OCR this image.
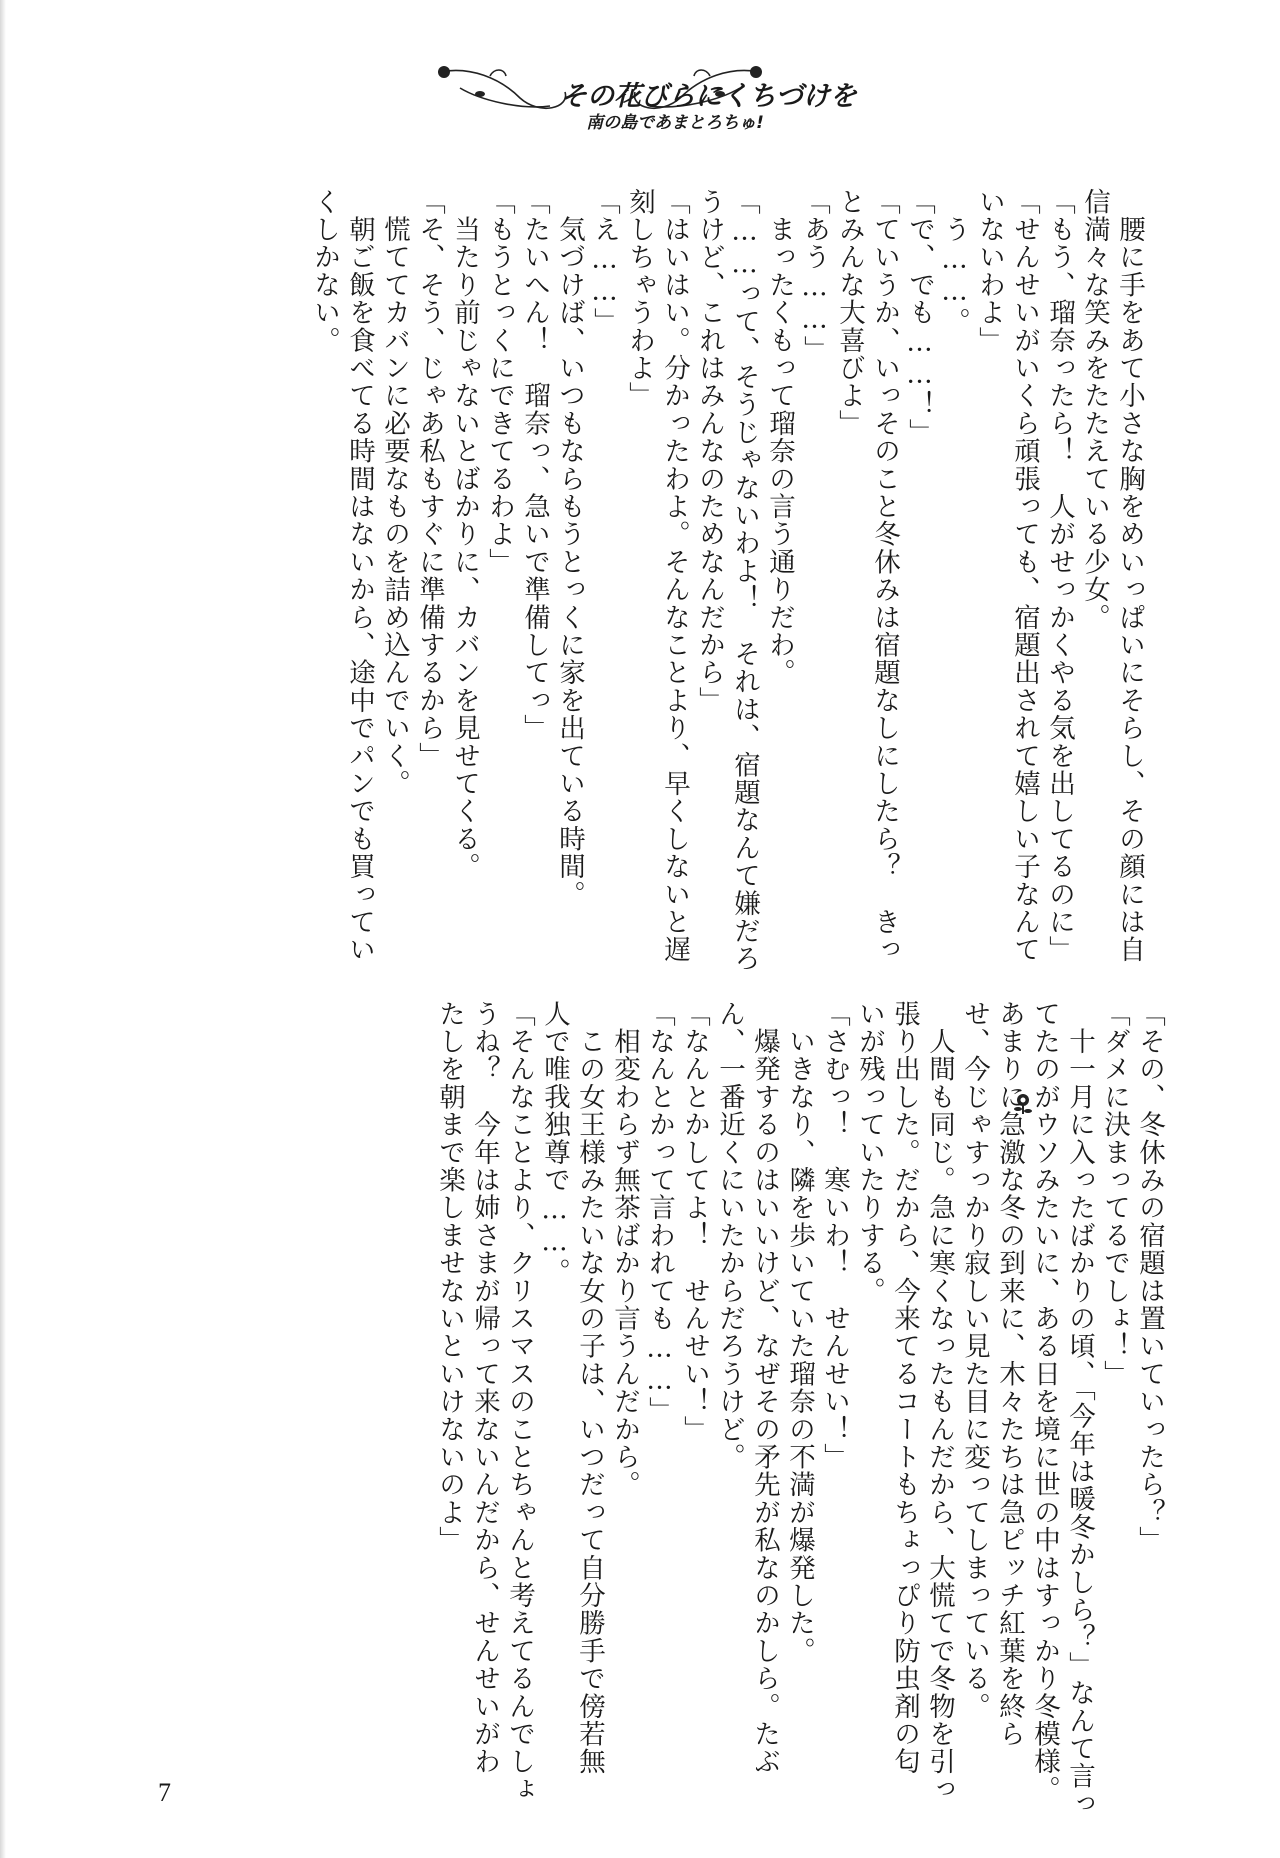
その花びらにくちづけを
南の島であまとろちゅ!
　腰に手をあて小さな胸をめいっぱいにそらし、その顔には自
信満々な笑みをたたえている少女。
「もう、瑠奈ったら！　人がせっかくやる気を出してるのに」
「せんせいがいくら頑張っても、宿題出されて嬉しい子なんて
いないわよ」
　う……。
「で、でも……！」
「ていうか、いっそのこと冬休みは宿題なしにしたら？　きっ
とみんな大喜びよ」
「あう……」
　まったくもって瑠奈の言う通りだわ。
「……って、そうじゃないわよ！　それは、宿題なんて嫌だろ
うけど、これはみんなのためなんだから」
「はいはい。分かったわよ。そんなことより、早くしないと遅
刻しちゃうわよ」
「え……」
　気づけば、いつもならもうとっくに家を出ている時間。
「たいへん！　瑠奈っ、急いで準備してっ」
「もうとっくにできてるわよ」
　当たり前じゃないとばかりに、カバンを見せてくる。
「そ、そう、じゃあ私もすぐに準備するから」
　慌ててカバンに必要なものを詰め込んでいく。
　朝ご飯を食べてる時間はないから、途中でパンでも買ってい
くしかない。
「その、冬休みの宿題は置いていったら？」
「ダメに決まってるでしょ！」
　十一月に入ったばかりの頃、「今年は暖冬かしら？」なんて言っ
てたのがウソみたいに、ある日を境に世の中はすっかり冬模様。
あまりに急激な冬の到来に、木々たちは急ピッチ紅葉を終ら
せ、今じゃすっかり寂しい見た目に変ってしまっている。
　人間も同じ。急に寒くなったもんだから、大慌てで冬物を引っ
張り出した。だから、今来てるコートもちょっぴり防虫剤の匂
いが残っていたりする。
「さむっ！　寒いわ！　せんせい！」
　いきなり、隣を歩いていた瑠奈の不満が爆発した。
　爆発するのはいいけど、なぜその矛先が私なのかしら。たぶ
ん、一番近くにいたからだろうけど。
「なんとかしてよ！　せんせい！」
「なんとかって言われても……」
　相変わらず無茶ばかり言うんだから。
　この女王様みたいな女の子は、いつだって自分勝手で傍若無
人で唯我独尊で……。
「そんなことより、クリスマスのことちゃんと考えてるんでしょ
うね？　今年は姉さまが帰って来ないんだから、せんせいがわ
たしを朝まで楽しませないといけないのよ」
7
